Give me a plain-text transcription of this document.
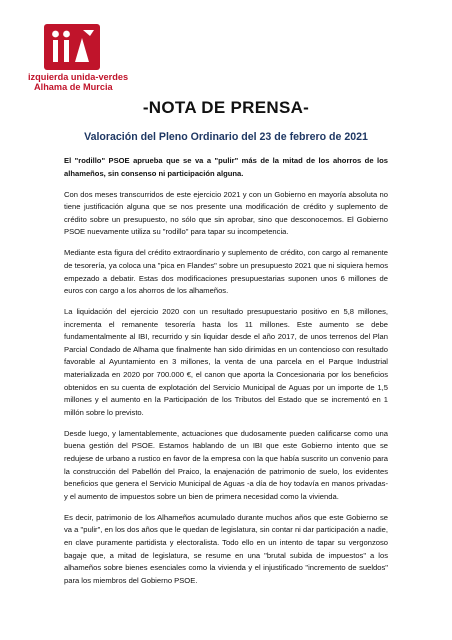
izquierda unida-verdes
Alhama de Murcia
-NOTA DE PRENSA-
Valoración del Pleno Ordinario del 23 de febrero de 2021

El "rodillo" PSOE aprueba que se va a "pulir" más de la mitad de los ahorros de los alhameños, sin consenso ni participación alguna.

Con dos meses transcurridos de este ejercicio 2021 y con un Gobierno en mayoría absoluta no tiene justificación alguna que se nos presente una modificación de crédito y suplemento de crédito sobre un presupuesto, no sólo que sin aprobar, sino que desconocemos. El Gobierno PSOE nuevamente utiliza su "rodillo" para tapar su incompetencia.

Mediante esta figura del crédito extraordinario y suplemento de crédito, con cargo al remanente de tesorería, ya coloca una "pica en Flandes" sobre un presupuesto 2021 que ni siquiera hemos empezado a debatir. Estas dos modificaciones presupuestarias suponen unos 6 millones de euros con cargo a los ahorros de los alhameños.

La liquidación del ejercicio 2020 con un resultado presupuestario positivo en 5,8 millones, incrementa el remanente tesorería hasta los 11 millones. Este aumento se debe fundamentalmente al IBI, recurrido y sin liquidar desde el año 2017, de unos terrenos del Plan Parcial Condado de Alhama que finalmente han sido dirimidas en un contencioso con resultado favorable al Ayuntamiento en 3 millones, la venta de una parcela en el Parque Industrial materializada en 2020 por 700.000 €, el canon que aporta la Concesionaria por los beneficios obtenidos en su cuenta de explotación del Servicio Municipal de Aguas por un importe de 1,5 millones y el aumento en la Participación de los Tributos del Estado que se incrementó en 1 millón sobre lo previsto.

Desde luego, y lamentablemente, actuaciones que dudosamente pueden calificarse como una buena gestión del PSOE. Estamos hablando de un IBI que este Gobierno intento que se redujese de urbano a rustico en favor de la empresa con la que había suscrito un convenio para la construcción del Pabellón del Praico, la enajenación de patrimonio de suelo, los evidentes beneficios que genera el Servicio Municipal de Aguas -a día de hoy todavía en manos privadas- y el aumento de impuestos sobre un bien de primera necesidad como la vivienda.

Es decir, patrimonio de los Alhameños acumulado durante muchos años que este Gobierno se va a "pulir", en los dos años que le quedan de legislatura, sin contar ni dar participación a nadie, en clave puramente partidista y electoralista. Todo ello en un intento de tapar su vergonzoso bagaje que, a mitad de legislatura, se resume en una "brutal subida de impuestos" a los alhameños sobre bienes esenciales como la vivienda y el injustificado "incremento de sueldos" para los miembros del Gobierno PSOE.
